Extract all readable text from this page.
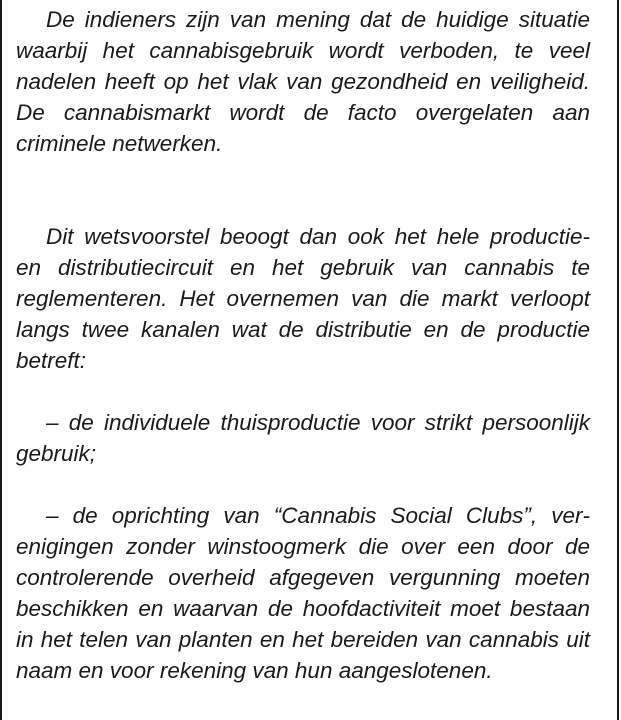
De indieners zijn van mening dat de huidige situatie waarbij het cannabisgebruik wordt verboden, te veel nadelen heeft op het vlak van gezondheid en veiligheid. De cannabismarkt wordt de facto overgelaten aan criminele netwerken.

Dit wetsvoorstel beoogt dan ook het hele productie- en distributiecircuit en het gebruik van cannabis te reglementeren. Het overnemen van die markt verloopt langs twee kanalen wat de distributie en de productie betreft:

– de individuele thuisproductie voor strikt persoonlijk gebruik;

– de oprichting van “Cannabis Social Clubs”, verenigingen zonder winstoogmerk die over een door de controlerende overheid afgegeven vergunning moeten beschikken en waarvan de hoofdactiviteit moet bestaan in het telen van planten en het bereiden van cannabis uit naam en voor rekening van hun aangeslotenen.
